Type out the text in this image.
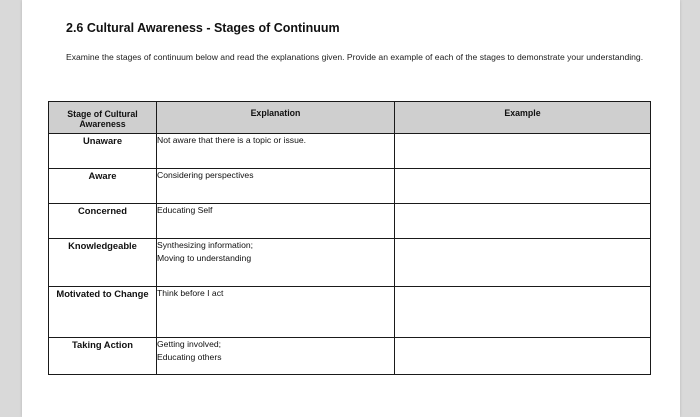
2.6 Cultural Awareness - Stages of Continuum

Examine the stages of continuum below and read the explanations given. Provide an example of each of the stages to demonstrate your understanding.

Stage of Cultural Awareness	Explanation	Example
Unaware	Not aware that there is a topic or issue.	

Aware	Considering perspectives	

Concerned	Educating Self	

Knowledgeable	Synthesizing information;
Moving to understanding	

Motivated to Change	Think before I act	

Taking Action	Getting involved;
Educating others	
